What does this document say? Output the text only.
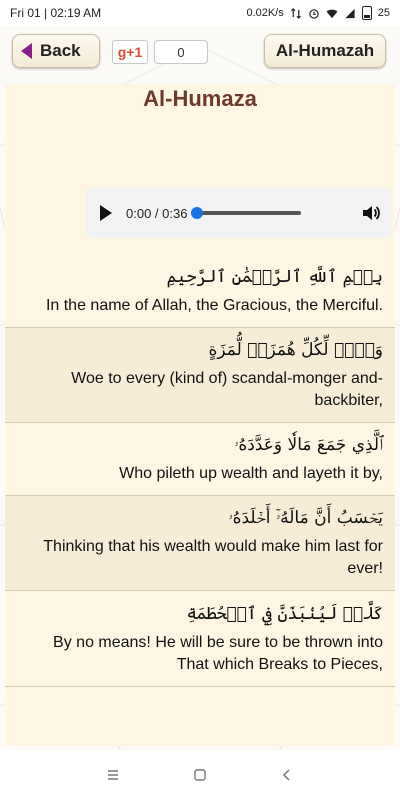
Fri 01 | 02:19 AM	0.02K/s	25
Back	g+1	0	Al-Humazah
Al-Humaza
0:00 / 0:36
بِسۡمِ ٱللَّهِ ٱلرَّحۡمَٰنِ ٱلرَّحِيمِ
In the name of Allah, the Gracious, the Merciful.
وَيۡلٞ لِّكُلِّ هُمَزَةٖ لُّمَزَةٍ
Woe to every (kind of) scandal-monger and-backbiter,
ٱلَّذِي جَمَعَ مَالٗا وَعَدَّدَهُۥ
Who pileth up wealth and layeth it by,
يَحۡسَبُ أَنَّ مَالَهُۥٓ أَخۡلَدَهُۥ
Thinking that his wealth would make him last for ever!
كَلَّاۖ لَيُنۢبَذَنَّ فِي ٱلۡحُطَمَةِ
By no means! He will be sure to be thrown into That which Breaks to Pieces,
